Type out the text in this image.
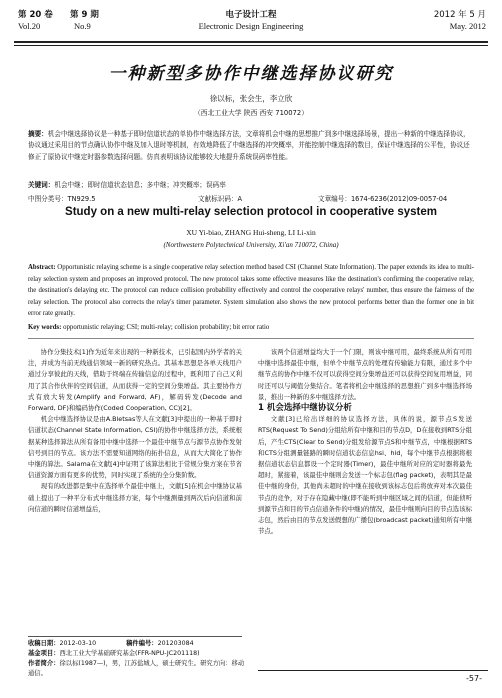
第 20 卷 第 9 期	电子设计工程	2012 年 5 月
Vol.20	No.9	Electronic Design Engineering	May. 2012
一种新型多协作中继选择协议研究
徐以标，张会生，李立欣
（西北工业大学 陕西 西安 710072）
摘要：机会中继选择协议是一种基于即时信道状态的单协作中继选择方法，文章将机会中继的思想推广到多中继选择场景，提出一种新的中继选择协议，协议通过采用目的节点确认协作中继及加入退时等机制，有效地降低了中继选择的冲突概率，并能控制中继选择的数目，保证中继选择的公平性，协议还修正了原协议中继定时器参数选择问题。仿真表明该协议能够较大地提升系统误码率性能。
关键词：机会中继；即时信道状态信息；多中继；冲突概率；误码率
中图分类号：TN929.5	文献标识码：A	文章编号：1674-6236(2012)09-0057-04
Study on a new multi-relay selection protocol in cooperative system
XU Yi-biao, ZHANG Hui-sheng, LI Li-xin
(Northwestern Polytechnical University, Xi'an 710072, China)
Abstract: Opportunistic relaying scheme is a single cooperative relay selection method based CSI (Channel State Information). The paper extends its idea to multi-relay selection system and proposes an improved protocol. The new protocol takes some effective measures like the destination's confirming the cooperative relay, the destination's delaying etc. The protocol can reduce collision probability effectively and control the cooperative relays' number, thus ensure the fairness of the relay selection. The protocol also corrects the relay's timer parameter. System simulation also shows the new protocol performs better than the former one in bit error rate greatly.
Key words: opportunistic relaying; CSI; multi-relay; collision probability; bit error ratio

协作分集技术[1]作为近年来出现的一种新技术，已引起国内外学者的关注，并成为当前无线通信领域一新的研究热点。其基本思想是各单天线用户通过分享彼此的天线，借助于终端在传输信息的过程中，既利用了自己又利用了其合作伙伴的空间信道，从而获得一定的空间分集增益。其主要协作方式有放大转发(Amplify and Forward, AF)，解码转发(Decode and Forward, DF)和编码协作(Coded Cooperation, CC)[2]。

机会中继选择协议是由A.Bletsas等人在文献[3]中提出的一种基于即时信道状态(Channel State Information, CSI)的协作中继选择方法，系统根据某种选择算法从所有备用中继中选择一个最佳中继节点与源节点协作发射信号到目的节点。该方法不需要知道网络的拓扑信息，从而大大简化了协作中继的算法。Salama在文献[4]中证明了该算法相比于常规分集方案在节省信道资源方面有更多的优势，同时实现了系统的全分集阶数。

现有的改进都是集中在选择单个最佳中继上，文献[5]在机会中继协议基础上提出了一种平分布式中继选择方案，每个中继测量到两次后向信道和前向信道的瞬时信道增益后，

该两个信道增益均大于一个门限，则该中继可用，最终系统从所有可用中继中选择最佳中继，但单个中继节点的处理有传输能力有限，通过多个中继节点的协作中继不仅可以获得空间分集增益还可以获得空间复用增益，同时还可以与阈值分集结合。笔者将机会中继选择的思想推广到多中继选择场景，推出一种新的多中继选择方法。

1 机会选择中继协议分析

文献[3]已给出详细的协议选择方法，具体的说，源节点S发送RTS(Request To Send)分组给所有中继和目的节点D，D在接收到RTS分组后，产生CTS(Clear to Send)分组发给源节点S和中继节点，中继根据RTS和CTS分组测量链路的瞬时信道状态信息hsi、hid，每个中继节点根据将根据信道状态信息都设一个定时器(Timer)，最佳中继所对应的定时器将最先超时，紧接着，该最佳中继则会发送一个标志包(flag packet)，表明其是最佳中继的身份，其他尚未超时的中继在接收到该标志包后将放弃对本次最佳节点的竞争，对于存在隐藏中继(即不能听到中继区域之间的信道，但能侦听到源节点和目的节点信道条件的中继)的情况，最佳中继则向目的节点选该标志包，然后由目的节点发送假想的广播包(broadcast packet)通知所有中继节点。

收稿日期：2012-03-10	稿件编号：201203084
基金项目：西北工业大学基础研究基金(FFR-NPU-JC201118)
作者简介：徐以标(1987—)，男，江苏盐城人，硕士研究生。研究方向：移动通信。
-57-
